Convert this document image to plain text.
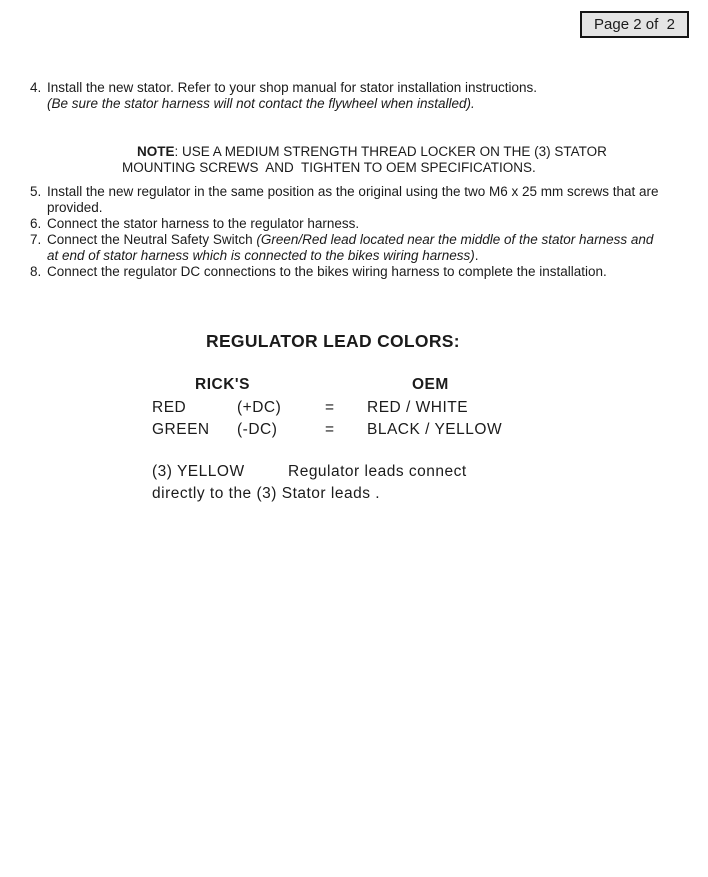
Page 2 of  2
4. Install the new stator. Refer to your shop manual for stator installation instructions.
(Be sure the stator harness will not contact the flywheel when installed).

NOTE: USE A MEDIUM STRENGTH THREAD LOCKER ON THE (3) STATOR MOUNTING SCREWS  AND  TIGHTEN TO OEM SPECIFICATIONS.

5. Install the new regulator in the same position as the original using the two M6 x 25 mm screws that are provided.
6. Connect the stator harness to the regulator harness.
7. Connect the Neutral Safety Switch (Green/Red lead located near the middle of the stator harness and at end of stator harness which is connected to the bikes wiring harness).
8. Connect the regulator DC connections to the bikes wiring harness to complete the installation.
REGULATOR LEAD COLORS:
RICK'S	OEM
RED	(+DC)	= RED / WHITE
GREEN (-DC)	= BLACK / YELLOW
(3) YELLOW	Regulator leads connect
directly to the (3) Stator leads .
